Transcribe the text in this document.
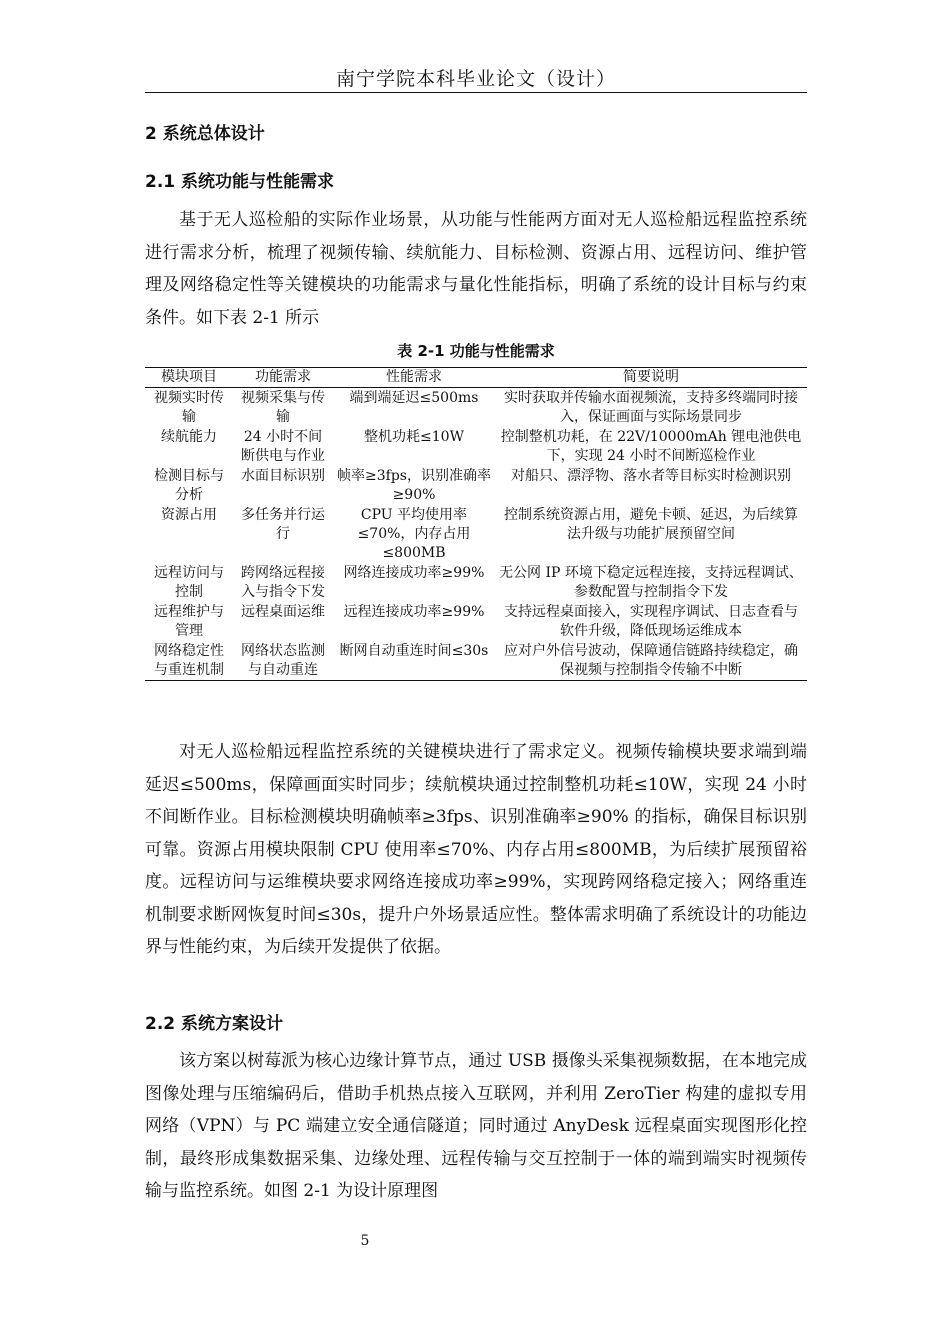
南宁学院本科毕业论文（设计）
2 系统总体设计
2.1 系统功能与性能需求

基于无人巡检船的实际作业场景，从功能与性能两方面对无人巡检船远程监控系统进行需求分析，梳理了视频传输、续航能力、目标检测、资源占用、远程访问、维护管理及网络稳定性等关键模块的功能需求与量化性能指标，明确了系统的设计目标与约束条件。如下表 2-1 所示

表 2-1 功能与性能需求
模块项目	功能需求	性能需求	简要说明
视频实时传输	视频采集与传输	端到端延迟≤500ms	实时获取并传输水面视频流，支持多终端同时接入，保证画面与实际场景同步
续航能力	24 小时不间断供电与作业	整机功耗≤10W	控制整机功耗，在 22V/10000mAh 锂电池供电下，实现 24 小时不间断巡检作业
检测目标与分析	水面目标识别	帧率≥3fps，识别准确率≥90%	对船只、漂浮物、落水者等目标实时检测识别
资源占用	多任务并行运行	CPU 平均使用率≤70%，内存占用≤800MB	控制系统资源占用，避免卡顿、延迟，为后续算法升级与功能扩展预留空间
远程访问与控制	跨网络远程接入与指令下发	网络连接成功率≥99%	无公网 IP 环境下稳定远程连接，支持远程调试、参数配置与控制指令下发
远程维护与管理	远程桌面运维	远程连接成功率≥99%	支持远程桌面接入，实现程序调试、日志查看与软件升级，降低现场运维成本
网络稳定性与重连机制	网络状态监测与自动重连	断网自动重连时间≤30s	应对户外信号波动，保障通信链路持续稳定，确保视频与控制指令传输不中断

对无人巡检船远程监控系统的关键模块进行了需求定义。视频传输模块要求端到端延迟≤500ms，保障画面实时同步；续航模块通过控制整机功耗≤10W，实现 24 小时不间断作业。目标检测模块明确帧率≥3fps、识别准确率≥90% 的指标，确保目标识别可靠。资源占用模块限制 CPU 使用率≤70%、内存占用≤800MB，为后续扩展预留裕度。远程访问与运维模块要求网络连接成功率≥99%，实现跨网络稳定接入；网络重连机制要求断网恢复时间≤30s，提升户外场景适应性。整体需求明确了系统设计的功能边界与性能约束，为后续开发提供了依据。

2.2 系统方案设计

该方案以树莓派为核心边缘计算节点，通过 USB 摄像头采集视频数据，在本地完成图像处理与压缩编码后，借助手机热点接入互联网，并利用 ZeroTier 构建的虚拟专用网络（VPN）与 PC 端建立安全通信隧道；同时通过 AnyDesk 远程桌面实现图形化控制，最终形成集数据采集、边缘处理、远程传输与交互控制于一体的端到端实时视频传输与监控系统。如图 2-1 为设计原理图

5
